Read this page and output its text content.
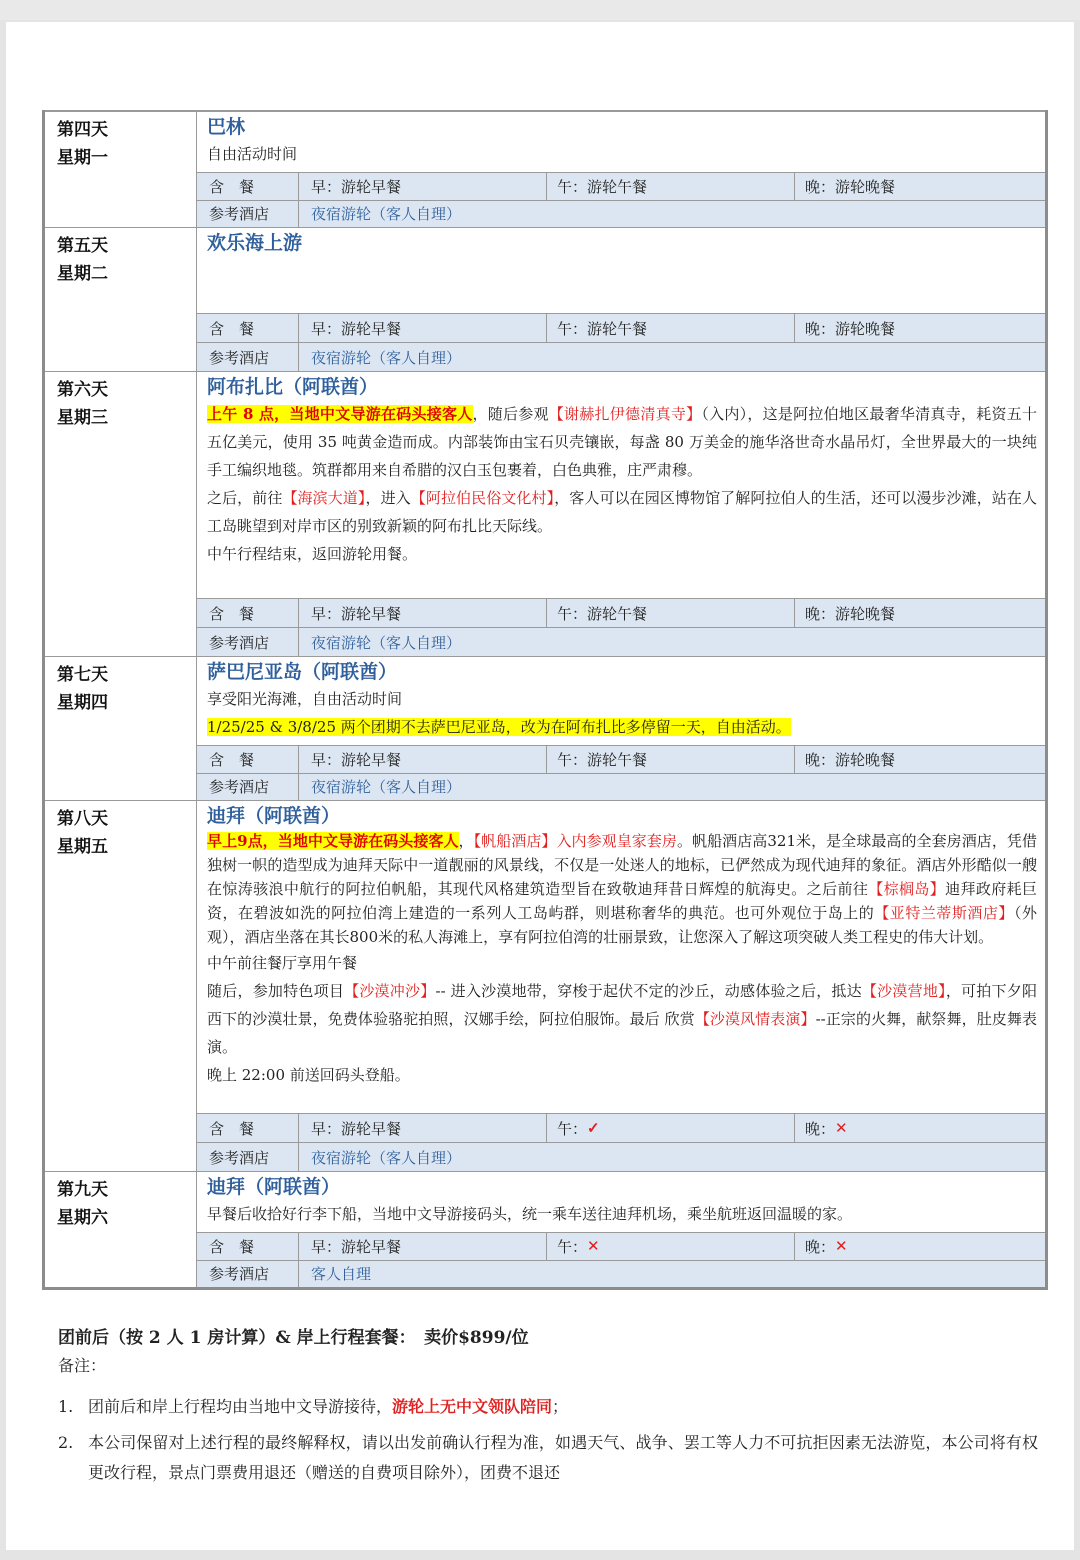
第四天
星期一
巴林
自由活动时间
含　餐	早：游轮早餐	午：游轮午餐	晚：游轮晚餐
参考酒店	夜宿游轮（客人自理）
第五天
星期二
欢乐海上游
含　餐	早：游轮早餐	午：游轮午餐	晚：游轮晚餐
参考酒店	夜宿游轮（客人自理）
第六天
星期三
阿布扎比（阿联酋）
上午 8 点，当地中文导游在码头接客人，随后参观【谢赫扎伊德清真寺】（入内），这是阿拉伯地区最奢华清真寺，耗资五十五亿美元，使用 35 吨黄金造而成。内部装饰由宝石贝壳镶嵌，每盏 80 万美金的施华洛世奇水晶吊灯，全世界最大的一块纯手工编织地毯。筑群都用来自希腊的汉白玉包裹着，白色典雅，庄严肃穆。
之后，前往【海滨大道】，进入【阿拉伯民俗文化村】，客人可以在园区博物馆了解阿拉伯人的生活，还可以漫步沙滩，站在人工岛眺望到对岸市区的别致新颖的阿布扎比天际线。
中午行程结束，返回游轮用餐。
含　餐	早：游轮早餐	午：游轮午餐	晚：游轮晚餐
参考酒店	夜宿游轮（客人自理）
第七天
星期四
萨巴尼亚岛（阿联酋）
享受阳光海滩，自由活动时间
1/25/25 & 3/8/25 两个团期不去萨巴尼亚岛，改为在阿布扎比多停留一天，自由活动。
含　餐	早：游轮早餐	午：游轮午餐	晚：游轮晚餐
参考酒店	夜宿游轮（客人自理）
第八天
星期五
迪拜（阿联酋）
早上9点，当地中文导游在码头接客人，【帆船酒店】入内参观皇家套房。帆船酒店高321米，是全球最高的全套房酒店，凭借独树一帜的造型成为迪拜天际中一道靓丽的风景线，不仅是一处迷人的地标，已俨然成为现代迪拜的象征。酒店外形酷似一艘在惊涛骇浪中航行的阿拉伯帆船，其现代风格建筑造型旨在致敬迪拜昔日辉煌的航海史。之后前往【棕榈岛】迪拜政府耗巨资，在碧波如洗的阿拉伯湾上建造的一系列人工岛屿群，则堪称奢华的典范。也可外观位于岛上的【亚特兰蒂斯酒店】（外观），酒店坐落在其长800米的私人海滩上，享有阿拉伯湾的壮丽景致，让您深入了解这项突破人类工程史的伟大计划。
中午前往餐厅享用午餐
随后，参加特色项目【沙漠冲沙】-- 进入沙漠地带，穿梭于起伏不定的沙丘，动感体验之后，抵达【沙漠营地】，可拍下夕阳西下的沙漠壮景，免费体验骆驼拍照，汉娜手绘，阿拉伯服饰。最后 欣赏【沙漠风情表演】--正宗的火舞，献祭舞，肚皮舞表演。
晚上 22:00 前送回码头登船。
含　餐	早：游轮早餐	午： ✓	晚： ✕
参考酒店	夜宿游轮（客人自理）
第九天
星期六
迪拜（阿联酋）
早餐后收拾好行李下船，当地中文导游接码头，统一乘车送往迪拜机场，乘坐航班返回温暖的家。
含　餐	早：游轮早餐	午： ✕	晚： ✕
参考酒店	客人自理
团前后（按 2 人 1 房计算）& 岸上行程套餐：　卖价$899/位
备注：
1. 团前后和岸上行程均由当地中文导游接待，游轮上无中文领队陪同；
2. 本公司保留对上述行程的最终解释权，请以出发前确认行程为准，如遇天气、战争、罢工等人力不可抗拒因素无法游览，本公司将有权更改行程，景点门票费用退还（赠送的自费项目除外），团费不退还
